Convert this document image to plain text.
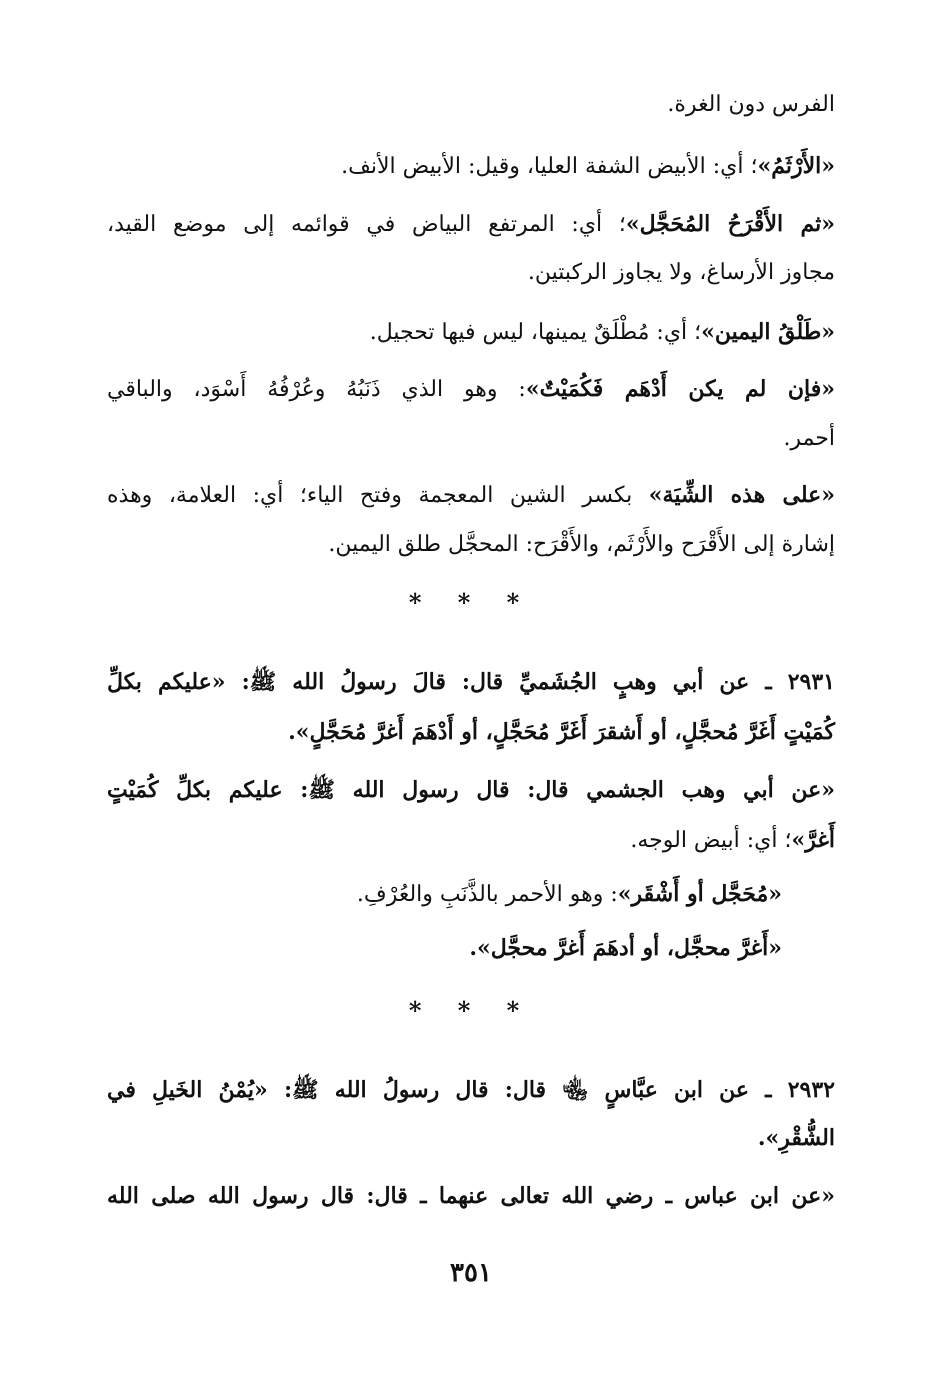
الفرس دون الغرة.
«الأَرْثَمُ»؛ أي: الأبيض الشفة العليا، وقيل: الأبيض الأنف.
«ثم الأَقْرَحُ المُحَجَّل»؛ أي: المرتفع البياض في قوائمه إلى موضع القيد،
مجاوز الأرساغ، ولا يجاوز الركبتين.
«طَلْقُ اليمين»؛ أي: مُطْلَقٌ يمينها، ليس فيها تحجيل.
«فإن لم يكن أَدْهَم فَكُمَيْتٌ»: وهو الذي ذَنَبُهُ وعُرْفُهُ أَسْوَد، والباقي
أحمر.
«على هذه الشِّيَة» بكسر الشين المعجمة وفتح الياء؛ أي: العلامة، وهذه
إشارة إلى الأَقْرَح والأَرْثَم، والأَقْرَح: المحجَّل طلق اليمين.
* * *
٢٩٣١ ـ عن أبي وهبٍ الجُشَميِّ قال: قالَ رسولُ الله ﷺ: «عليكم بكلِّ
كُمَيْتٍ أَغَرَّ مُحجَّلٍ، أو أَشقرَ أَغَرَّ مُحَجَّلٍ، أو أَدْهَمَ أَغرَّ مُحَجَّلٍ».
«عن أبي وهب الجشمي قال: قال رسول الله ﷺ: عليكم بكلِّ كُمَيْتٍ
أَغرَّ»؛ أي: أبيض الوجه.
«مُحَجَّل أو أَشْقَر»: وهو الأحمر بالذَّنَبِ والعُرْفِ.
«أَغرَّ محجَّل، أو أدهَمَ أَغرَّ محجَّل».
* * *
٢٩٣٢ ـ عن ابن عبَّاسٍ ﵄ قال: قال رسولُ الله ﷺ: «يُمْنُ الخَيلِ في
الشُّقْرِ».
«عن ابن عباس ـ رضي الله تعالى عنهما ـ قال: قال رسول الله صلى الله
٣٥١
